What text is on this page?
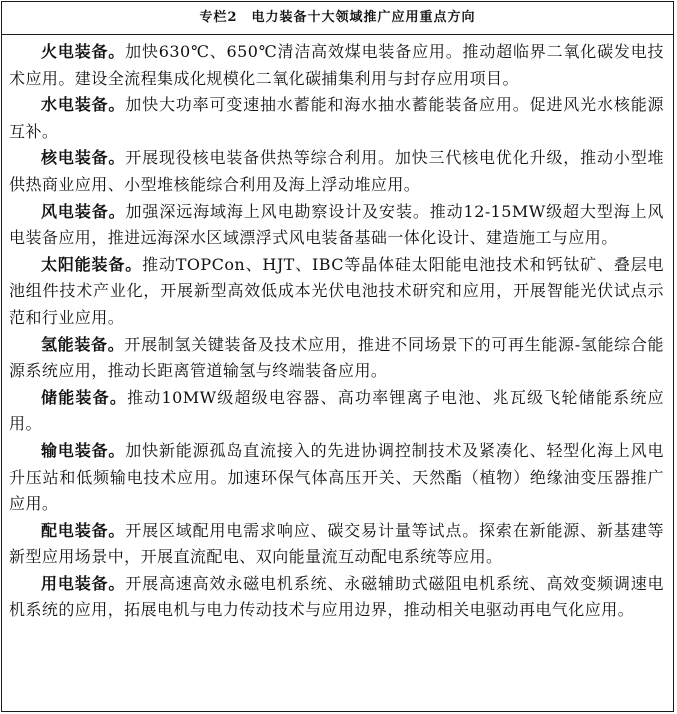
专栏2 电力装备十大领域推广应用重点方向

火电装备。加快630℃、650℃清洁高效煤电装备应用。推动超临界二氧化碳发电技术应用。建设全流程集成化规模化二氧化碳捕集利用与封存应用项目。

水电装备。加快大功率可变速抽水蓄能和海水抽水蓄能装备应用。促进风光水核能源互补。

核电装备。开展现役核电装备供热等综合利用。加快三代核电优化升级，推动小型堆供热商业应用、小型堆核能综合利用及海上浮动堆应用。

风电装备。加强深远海域海上风电勘察设计及安装。推动12-15MW级超大型海上风电装备应用，推进远海深水区域漂浮式风电装备基础一体化设计、建造施工与应用。

太阳能装备。推动TOPCon、HJT、IBC等晶体硅太阳能电池技术和钙钛矿、叠层电池组件技术产业化，开展新型高效低成本光伏电池技术研究和应用，开展智能光伏试点示范和行业应用。

氢能装备。开展制氢关键装备及技术应用，推进不同场景下的可再生能源-氢能综合能源系统应用，推动长距离管道输氢与终端装备应用。

储能装备。推动10MW级超级电容器、高功率锂离子电池、兆瓦级飞轮储能系统应用。

输电装备。加快新能源孤岛直流接入的先进协调控制技术及紧凑化、轻型化海上风电升压站和低频输电技术应用。加速环保气体高压开关、天然酯（植物）绝缘油变压器推广应用。

配电装备。开展区域配用电需求响应、碳交易计量等试点。探索在新能源、新基建等新型应用场景中，开展直流配电、双向能量流互动配电系统等应用。

用电装备。开展高速高效永磁电机系统、永磁辅助式磁阻电机系统、高效变频调速电机系统的应用，拓展电机与电力传动技术与应用边界，推动相关电驱动再电气化应用。
